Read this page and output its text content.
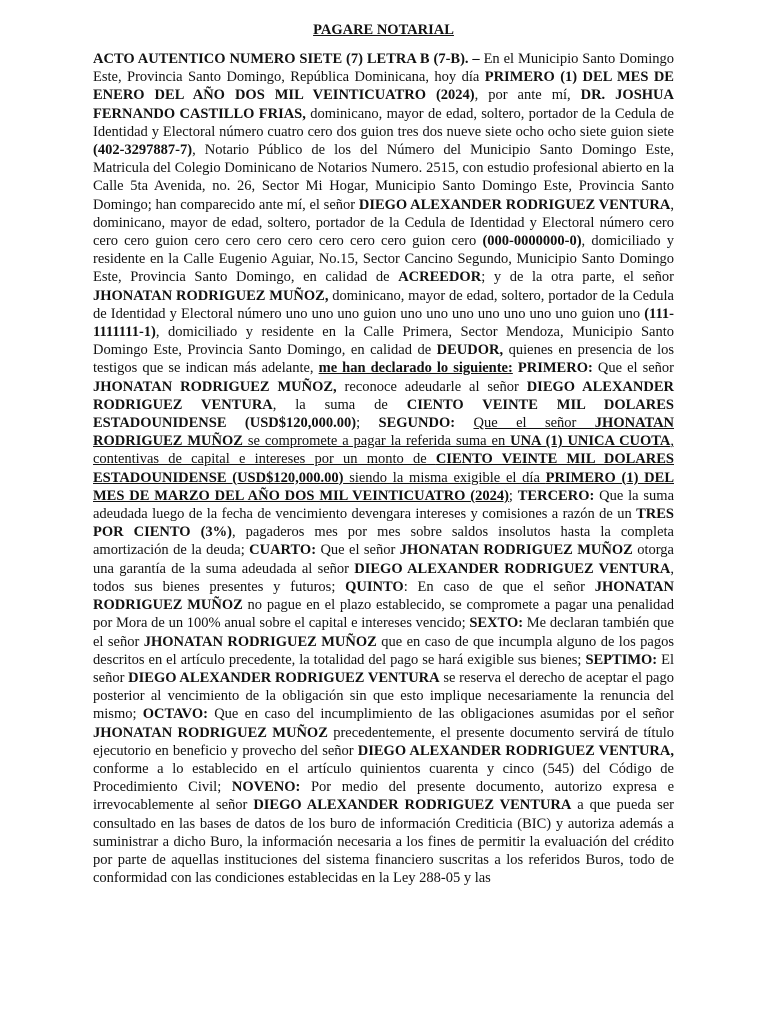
PAGARE NOTARIAL

ACTO AUTENTICO NUMERO SIETE (7) LETRA B (7-B). – En el Municipio Santo Domingo Este, Provincia Santo Domingo, República Dominicana, hoy día PRIMERO (1) DEL MES DE ENERO DEL AÑO DOS MIL VEINTICUATRO (2024), por ante mí, DR. JOSHUA FERNANDO CASTILLO FRIAS, dominicano, mayor de edad, soltero, portador de la Cedula de Identidad y Electoral número cuatro cero dos guion tres dos nueve siete ocho ocho siete guion siete (402-3297887-7), Notario Público de los del Número del Municipio Santo Domingo Este, Matricula del Colegio Dominicano de Notarios Numero. 2515, con estudio profesional abierto en la Calle 5ta Avenida, no. 26, Sector Mi Hogar, Municipio Santo Domingo Este, Provincia Santo Domingo; han comparecido ante mí, el señor DIEGO ALEXANDER RODRIGUEZ VENTURA, dominicano, mayor de edad, soltero, portador de la Cedula de Identidad y Electoral número cero cero cero guion cero cero cero cero cero cero cero guion cero (000-0000000-0), domiciliado y residente en la Calle Eugenio Aguiar, No.15, Sector Cancino Segundo, Municipio Santo Domingo Este, Provincia Santo Domingo, en calidad de ACREEDOR; y de la otra parte, el señor JHONATAN RODRIGUEZ MUÑOZ, dominicano, mayor de edad, soltero, portador de la Cedula de Identidad y Electoral número uno uno uno guion uno uno uno uno uno uno uno guion uno (111-1111111-1), domiciliado y residente en la Calle Primera, Sector Mendoza, Municipio Santo Domingo Este, Provincia Santo Domingo, en calidad de DEUDOR, quienes en presencia de los testigos que se indican más adelante, me han declarado lo siguiente: PRIMERO: Que el señor JHONATAN RODRIGUEZ MUÑOZ, reconoce adeudarle al señor DIEGO ALEXANDER RODRIGUEZ VENTURA, la suma de CIENTO VEINTE MIL DOLARES ESTADOUNIDENSE (USD$120,000.00); SEGUNDO: Que el señor JHONATAN RODRIGUEZ MUÑOZ se compromete a pagar la referida suma en UNA (1) UNICA CUOTA, contentivas de capital e intereses por un monto de CIENTO VEINTE MIL DOLARES ESTADOUNIDENSE (USD$120,000.00) siendo la misma exigible el día PRIMERO (1) DEL MES DE MARZO DEL AÑO DOS MIL VEINTICUATRO (2024); TERCERO: Que la suma adeudada luego de la fecha de vencimiento devengara intereses y comisiones a razón de un TRES POR CIENTO (3%), pagaderos mes por mes sobre saldos insolutos hasta la completa amortización de la deuda; CUARTO: Que el señor JHONATAN RODRIGUEZ MUÑOZ otorga una garantía de la suma adeudada al señor DIEGO ALEXANDER RODRIGUEZ VENTURA, todos sus bienes presentes y futuros; QUINTO: En caso de que el señor JHONATAN RODRIGUEZ MUÑOZ no pague en el plazo establecido, se compromete a pagar una penalidad por Mora de un 100% anual sobre el capital e intereses vencido; SEXTO: Me declaran también que el señor JHONATAN RODRIGUEZ MUÑOZ que en caso de que incumpla alguno de los pagos descritos en el artículo precedente, la totalidad del pago se hará exigible sus bienes; SEPTIMO: El señor DIEGO ALEXANDER RODRIGUEZ VENTURA se reserva el derecho de aceptar el pago posterior al vencimiento de la obligación sin que esto implique necesariamente la renuncia del mismo; OCTAVO: Que en caso del incumplimiento de las obligaciones asumidas por el señor JHONATAN RODRIGUEZ MUÑOZ precedentemente, el presente documento servirá de título ejecutorio en beneficio y provecho del señor DIEGO ALEXANDER RODRIGUEZ VENTURA, conforme a lo establecido en el artículo quinientos cuarenta y cinco (545) del Código de Procedimiento Civil; NOVENO: Por medio del presente documento, autorizo expresa e irrevocablemente al señor DIEGO ALEXANDER RODRIGUEZ VENTURA a que pueda ser consultado en las bases de datos de los buro de información Crediticia (BIC) y autoriza además a suministrar a dicho Buro, la información necesaria a los fines de permitir la evaluación del crédito por parte de aquellas instituciones del sistema financiero suscritas a los referidos Buros, todo de conformidad con las condiciones establecidas en la Ley 288-05 y las
